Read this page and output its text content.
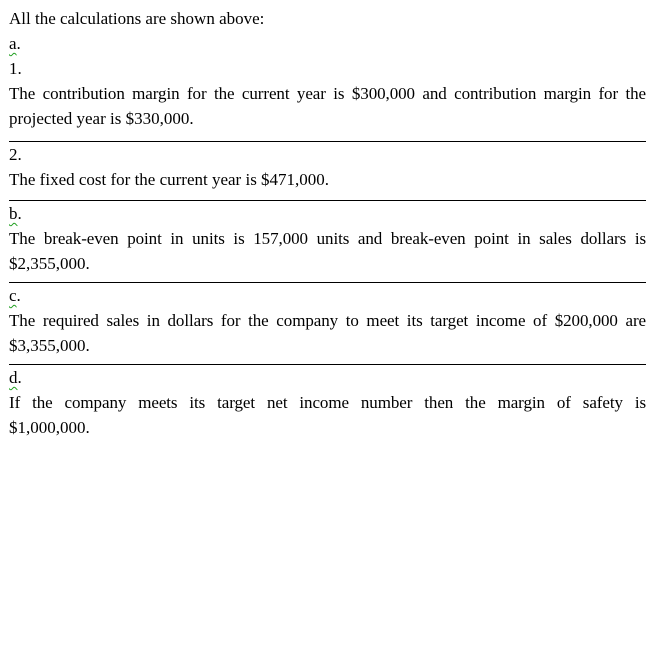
All the calculations are shown above:

a.

1.

The contribution margin for the current year is $300,000 and contribution margin for the
projected year is $330,000.

2.

The fixed cost for the current year is $471,000.

b.

The break-even point in units is 157,000 units and break-even point in sales dollars is
$2,355,000.

c.

The required sales in dollars for the company to meet its target income of $200,000 are
$3,355,000.

d.

If the company meets its target net income number then the margin of safety is
$1,000,000.
